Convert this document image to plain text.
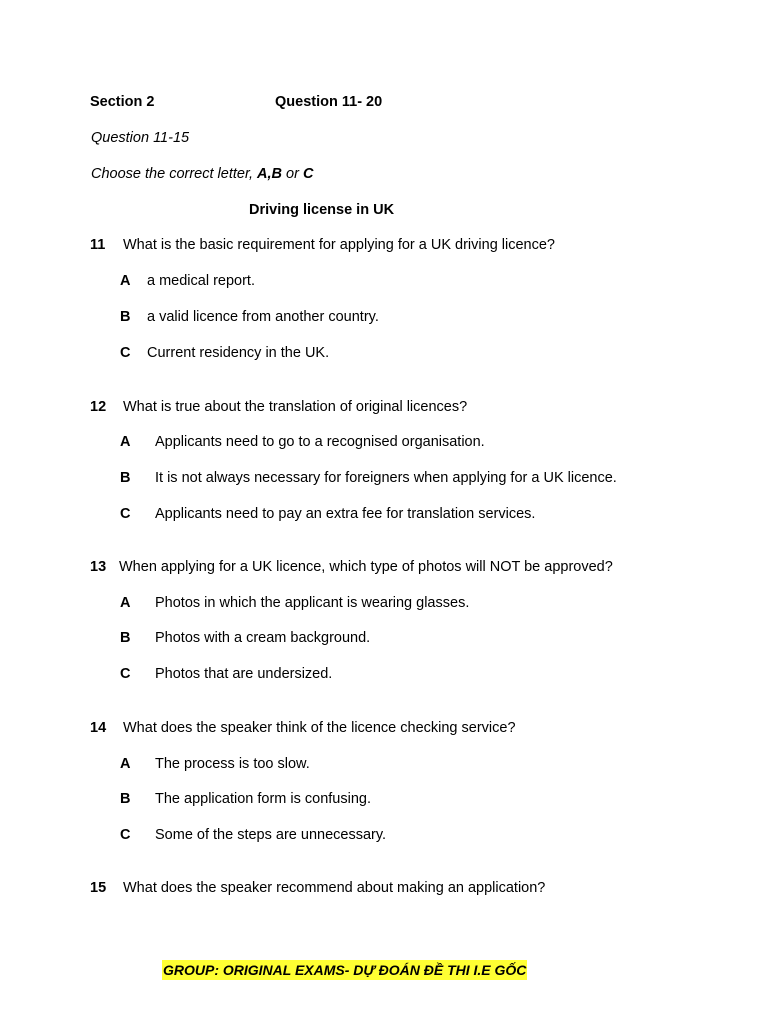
Section 2	Question 11- 20
Question 11-15
Choose the correct letter, A,B or C
Driving license in UK
11 What is the basic requirement for applying for a UK driving licence?
A a medical report.
B a valid licence from another country.
C Current residency in the UK.
12 What is true about the translation of original licences?
A Applicants need to go to a recognised organisation.
B It is not always necessary for foreigners when applying for a UK licence.
C Applicants need to pay an extra fee for translation services.
13 When applying for a UK licence, which type of photos will NOT be approved?
A Photos in which the applicant is wearing glasses.
B Photos with a cream background.
C Photos that are undersized.
14 What does the speaker think of the licence checking service?
A The process is too slow.
B The application form is confusing.
C Some of the steps are unnecessary.
15 What does the speaker recommend about making an application?
GROUP: ORIGINAL EXAMS- DỰ ĐOÁN ĐỀ THI I.E GỐC
